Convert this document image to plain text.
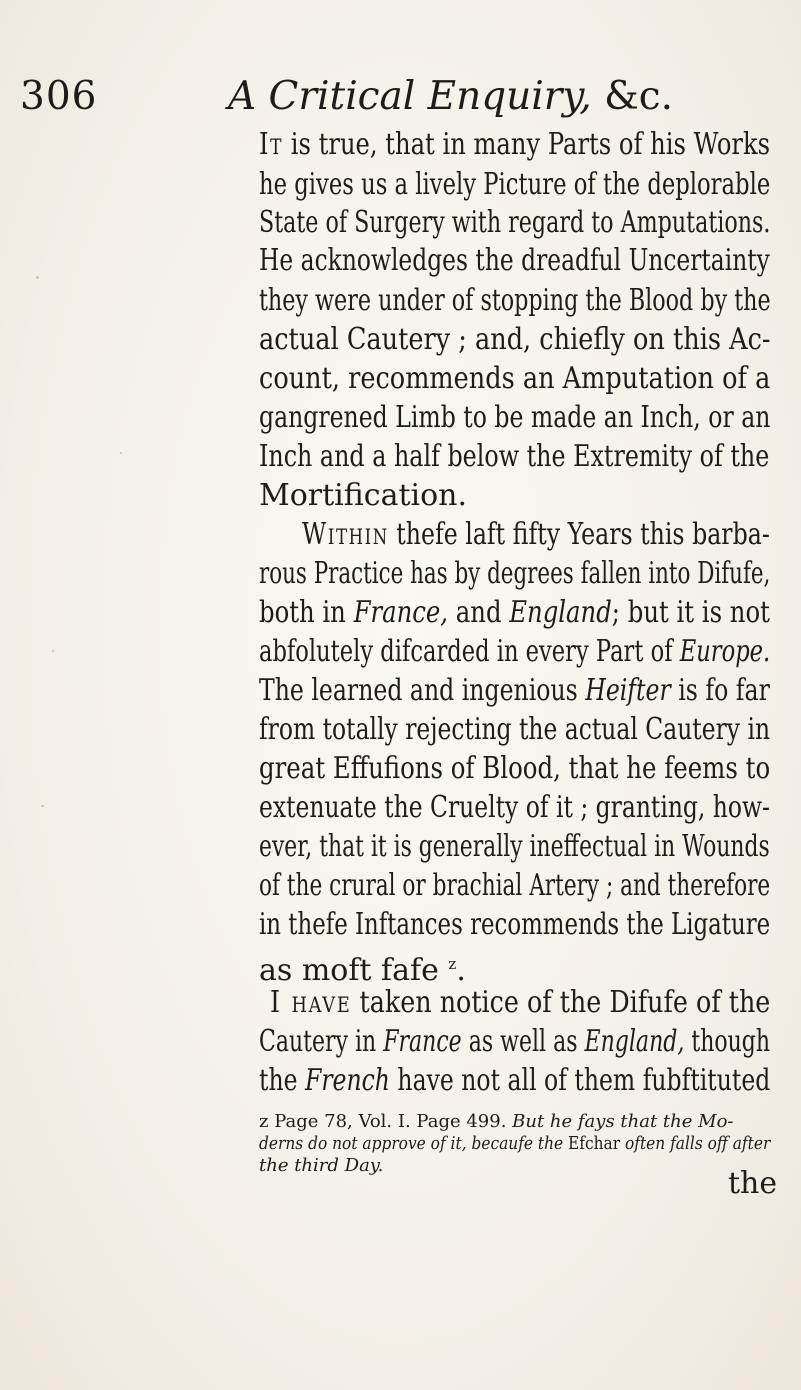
306	A Critical Enquiry, &c.
It is true, that in many Parts of his Works
he gives us a lively Picture of the deplorable
State of Surgery with regard to Amputations.
He acknowledges the dreadful Uncertainty
they were under of stopping the Blood by the
actual Cautery ; and, chiefly on this Ac-
count, recommends an Amputation of a
gangrened Limb to be made an Inch, or an
Inch and a half below the Extremity of the
Mortification.
Within thefe laft fifty Years this barba-
rous Practice has by degrees fallen into Difufe,
both in France, and England; but it is not
abfolutely difcarded in every Part of Europe.
The learned and ingenious Heifter is fo far
from totally rejecting the actual Cautery in
great Effufions of Blood, that he feems to
extenuate the Cruelty of it ; granting, how-
ever, that it is generally ineffectual in Wounds
of the crural or brachial Artery ; and therefore
in thefe Inftances recommends the Ligature
as moft fafe $^z$.
I have taken notice of the Difufe of the
Cautery in France as well as England, though
the French have not all of them fubftituted
z Page 78, Vol. I. Page 499. But he fays that the Mo-
derns do not approve of it, becaufe the Efchar often falls off after
the third Day.
the
